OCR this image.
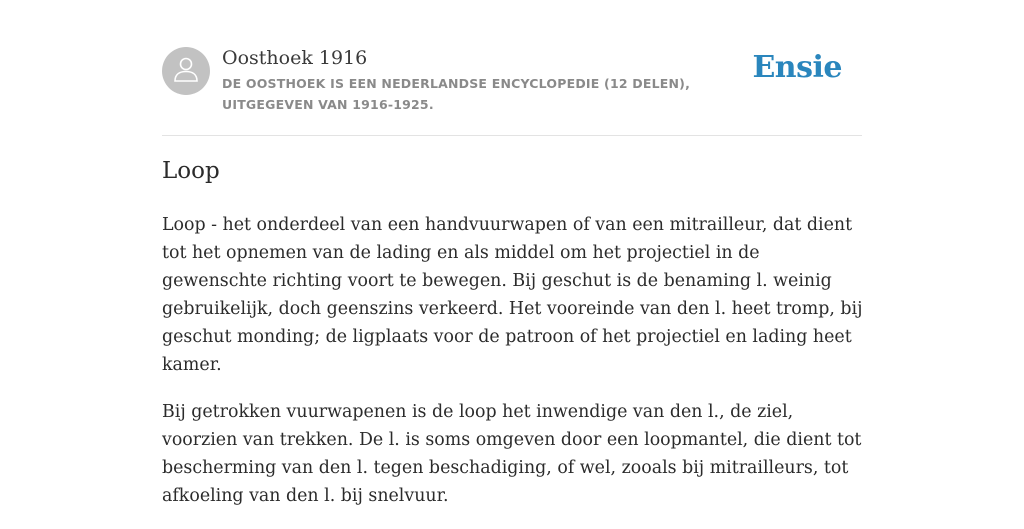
Oosthoek 1916
DE OOSTHOEK IS EEN NEDERLANDSE ENCYCLOPEDIE (12 DELEN), UITGEGEVEN VAN 1916-1925.
Ensie
Loop

Loop - het onderdeel van een handvuurwapen of van een mitrailleur, dat dient tot het opnemen van de lading en als middel om het projectiel in de gewenschte richting voort te bewegen. Bij geschut is de benaming l. weinig gebruikelijk, doch geenszins verkeerd. Het vooreinde van den l. heet tromp, bij geschut monding; de ligplaats voor de patroon of het projectiel en lading heet kamer.

Bij getrokken vuurwapenen is de loop het inwendige van den l., de ziel, voorzien van trekken. De l. is soms omgeven door een loopmantel, die dient tot bescherming van den l. tegen beschadiging, of wel, zooals bij mitrailleurs, tot afkoeling van den l. bij snelvuur.
